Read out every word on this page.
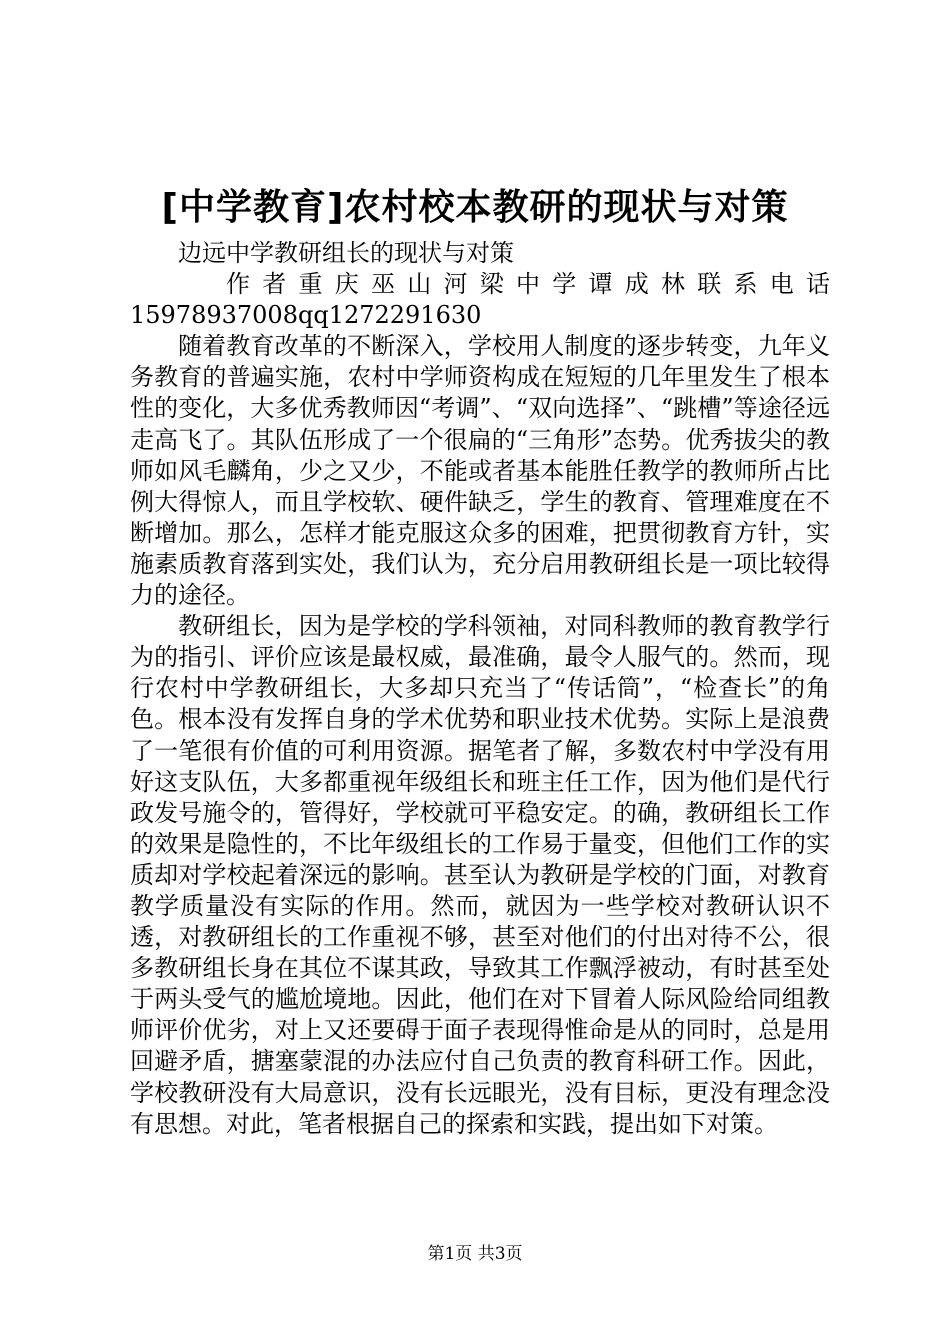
[中学教育]农村校本教研的现状与对策

边远中学教研组长的现状与对策

作者重庆巫山河梁中学谭成林联系电话

15978937008qq1272291630

随着教育改革的不断深入，学校用人制度的逐步转变，九年义务教育的普遍实施，农村中学师资构成在短短的几年里发生了根本性的变化，大多优秀教师因“考调”、“双向选择”、“跳槽”等途径远走高飞了。其队伍形成了一个很扁的“三角形”态势。优秀拔尖的教师如风毛麟角，少之又少，不能或者基本能胜任教学的教师所占比例大得惊人，而且学校软、硬件缺乏，学生的教育、管理难度在不断增加。那么，怎样才能克服这众多的困难，把贯彻教育方针，实施素质教育落到实处，我们认为，充分启用教研组长是一项比较得力的途径。

教研组长，因为是学校的学科领袖，对同科教师的教育教学行为的指引、评价应该是最权威，最准确，最令人服气的。然而，现行农村中学教研组长，大多却只充当了“传话筒”，“检查长”的角色。根本没有发挥自身的学术优势和职业技术优势。实际上是浪费了一笔很有价值的可利用资源。据笔者了解，多数农村中学没有用好这支队伍，大多都重视年级组长和班主任工作，因为他们是代行政发号施令的，管得好，学校就可平稳安定。的确，教研组长工作的效果是隐性的，不比年级组长的工作易于量变，但他们工作的实质却对学校起着深远的影响。甚至认为教研是学校的门面，对教育教学质量没有实际的作用。然而，就因为一些学校对教研认识不透，对教研组长的工作重视不够，甚至对他们的付出对待不公，很多教研组长身在其位不谋其政，导致其工作飘浮被动，有时甚至处于两头受气的尴尬境地。因此，他们在对下冒着人际风险给同组教师评价优劣，对上又还要碍于面子表现得惟命是从的同时，总是用回避矛盾，搪塞蒙混的办法应付自己负责的教育科研工作。因此，学校教研没有大局意识，没有长远眼光，没有目标，更没有理念没有思想。对此，笔者根据自己的探索和实践，提出如下对策。

第1页 共3页
